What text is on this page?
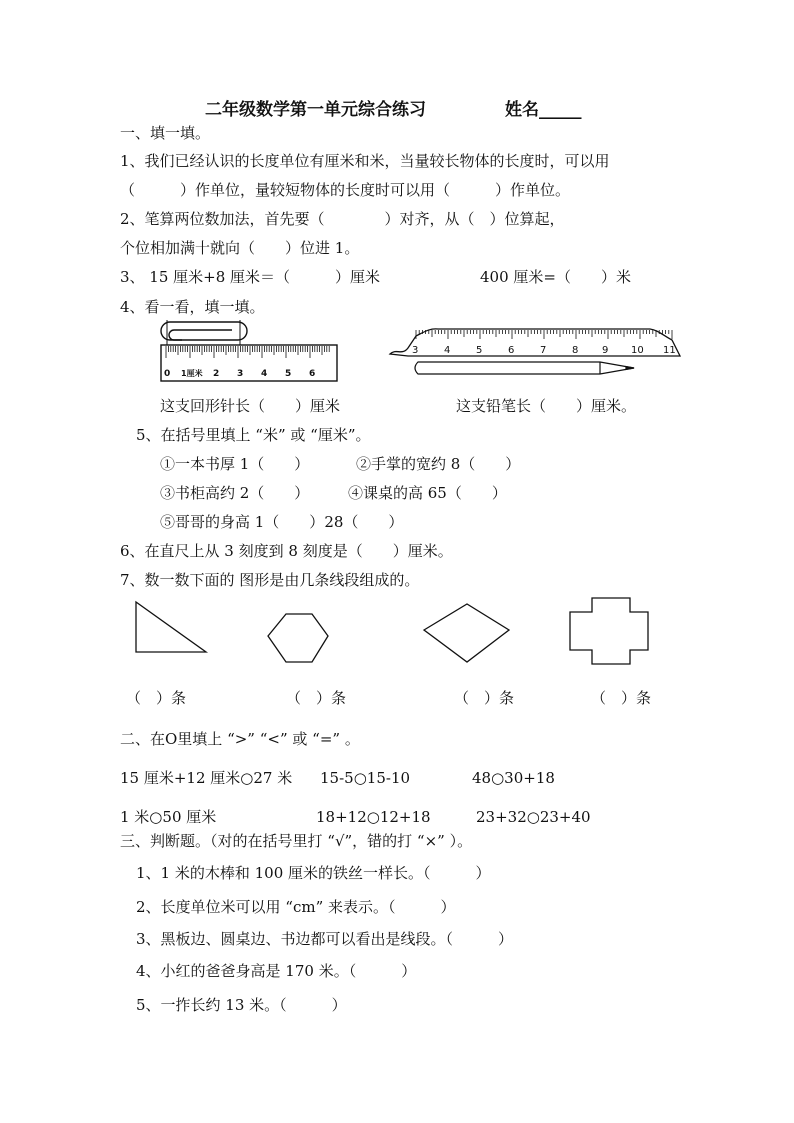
二年级数学第一单元综合练习	姓名_____
一、填一填。
1、我们已经认识的长度单位有厘米和米，当量较长物体的长度时，可以用
（　　　）作单位，量较短物体的长度时可以用（　　　）作单位。
2、笔算两位数加法，首先要（　　　　）对齐，从（　）位算起，
个位相加满十就向（　　）位进 1。
3、 15 厘米+8 厘米＝（　　　）厘米	400 厘米=（　　）米
4、看一看，填一填。
0 1厘米 2 3 4 5 6
3	4	5	6	7	8 9 10 11
这支回形针长（　　）厘米	这支铅笔长（　　）厘米。
5、在括号里填上 “米” 或 “厘米”。
①一本书厚 1（　　）	②手掌的宽约 8（　　）
③书柜高约 2（　　）	④课桌的高 65（　　）
⑤哥哥的身高 1（　　）28（　　）
6、在直尺上从 3 刻度到 8 刻度是（　　）厘米。
7、数一数下面的 图形是由几条线段组成的。
（　）条	（　）条	（　）条	（　）条
二、在O里填上 “>” “<” 或 “=” 。
15 厘米+12 厘米○27 米 15-5○15-10	48○30+18
1 米○50 厘米	18+12○12+18	23+32○23+40
三、判断题。（对的在括号里打 “√”，错的打 “×” ）。
1、1 米的木棒和 100 厘米的铁丝一样长。（　　　）
2、长度单位米可以用 “cm” 来表示。（　　　）
3、黑板边、圆桌边、书边都可以看出是线段。（　　　）
4、小红的爸爸身高是 170 米。（　　　）
5、一拃长约 13 米。（　　　）
